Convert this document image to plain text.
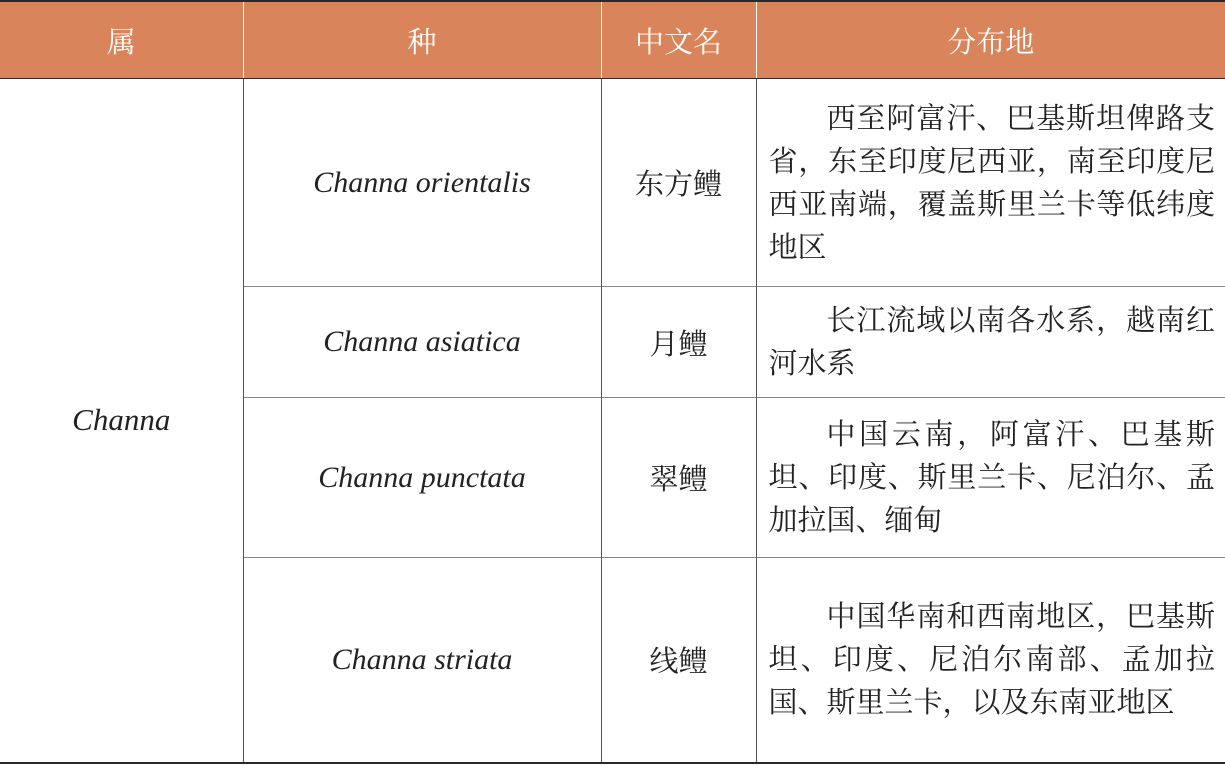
属	种	中文名	分布地
Channa	Channa orientalis	东方鳢	西至阿富汗、巴基斯坦俾路支省，东至印度尼西亚，南至印度尼西亚南端，覆盖斯里兰卡等低纬度地区
	Channa asiatica	月鳢	长江流域以南各水系，越南红河水系
	Channa punctata	翠鳢	中国云南，阿富汗、巴基斯坦、印度、斯里兰卡、尼泊尔、孟加拉国、缅甸
	Channa striata	线鳢	中国华南和西南地区，巴基斯坦、印度、尼泊尔南部、孟加拉国、斯里兰卡，以及东南亚地区
